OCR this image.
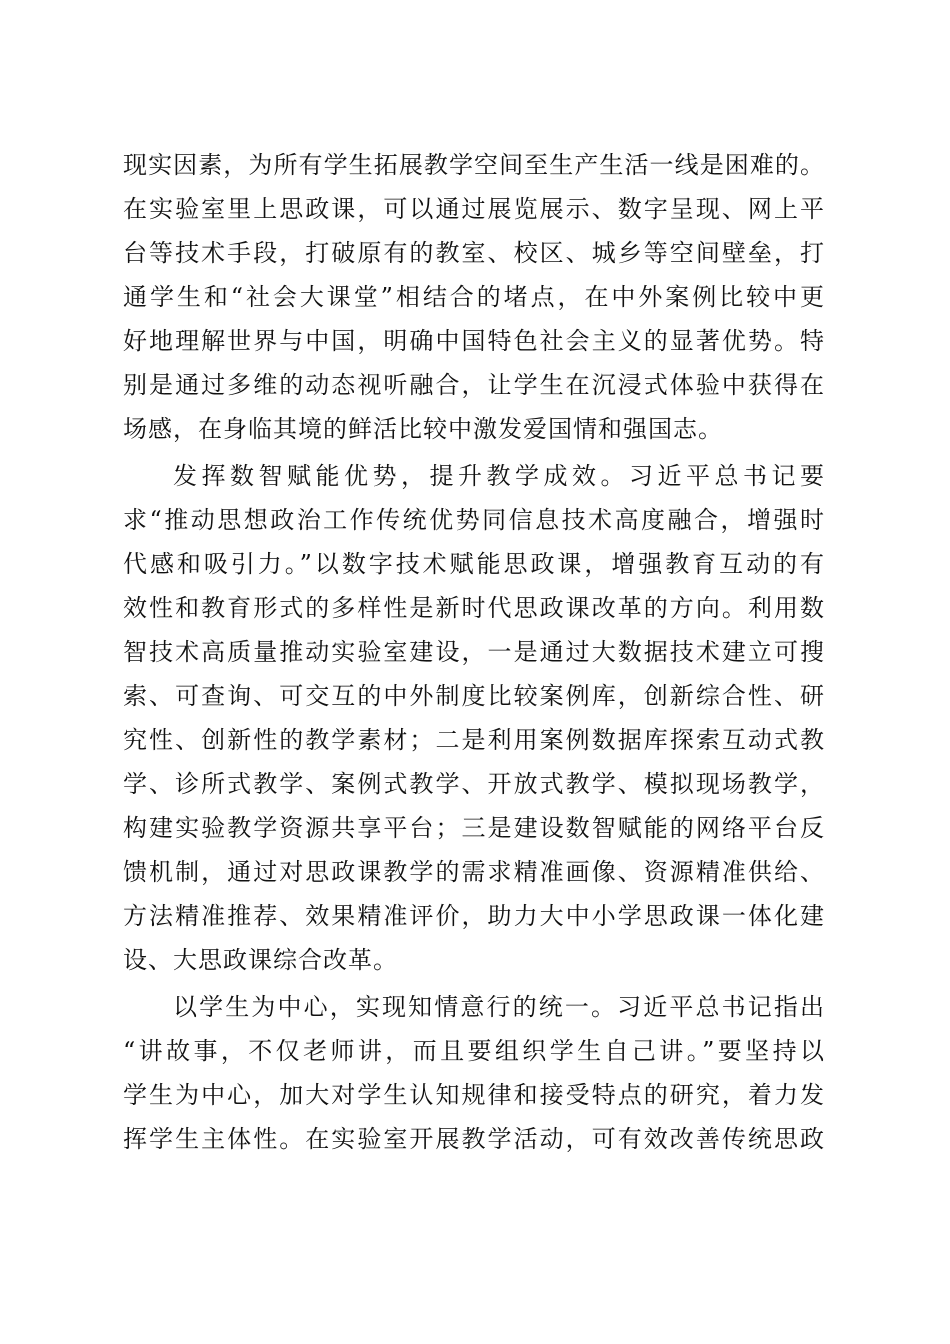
现实因素，为所有学生拓展教学空间至生产生活一线是困难的。
在实验室里上思政课，可以通过展览展示、数字呈现、网上平
台等技术手段，打破原有的教室、校区、城乡等空间壁垒，打
通学生和“社会大课堂”相结合的堵点，在中外案例比较中更
好地理解世界与中国，明确中国特色社会主义的显著优势。特
别是通过多维的动态视听融合，让学生在沉浸式体验中获得在
场感，在身临其境的鲜活比较中激发爱国情和强国志。
发挥数智赋能优势，提升教学成效。习近平总书记要
求“推动思想政治工作传统优势同信息技术高度融合，增强时
代感和吸引力。”以数字技术赋能思政课，增强教育互动的有
效性和教育形式的多样性是新时代思政课改革的方向。利用数
智技术高质量推动实验室建设，一是通过大数据技术建立可搜
索、可查询、可交互的中外制度比较案例库，创新综合性、研
究性、创新性的教学素材；二是利用案例数据库探索互动式教
学、诊所式教学、案例式教学、开放式教学、模拟现场教学，
构建实验教学资源共享平台；三是建设数智赋能的网络平台反
馈机制，通过对思政课教学的需求精准画像、资源精准供给、
方法精准推荐、效果精准评价，助力大中小学思政课一体化建
设、大思政课综合改革。
以学生为中心，实现知情意行的统一。习近平总书记指出
“讲故事，不仅老师讲，而且要组织学生自己讲。”要坚持以
学生为中心，加大对学生认知规律和接受特点的研究，着力发
挥学生主体性。在实验室开展教学活动，可有效改善传统思政
